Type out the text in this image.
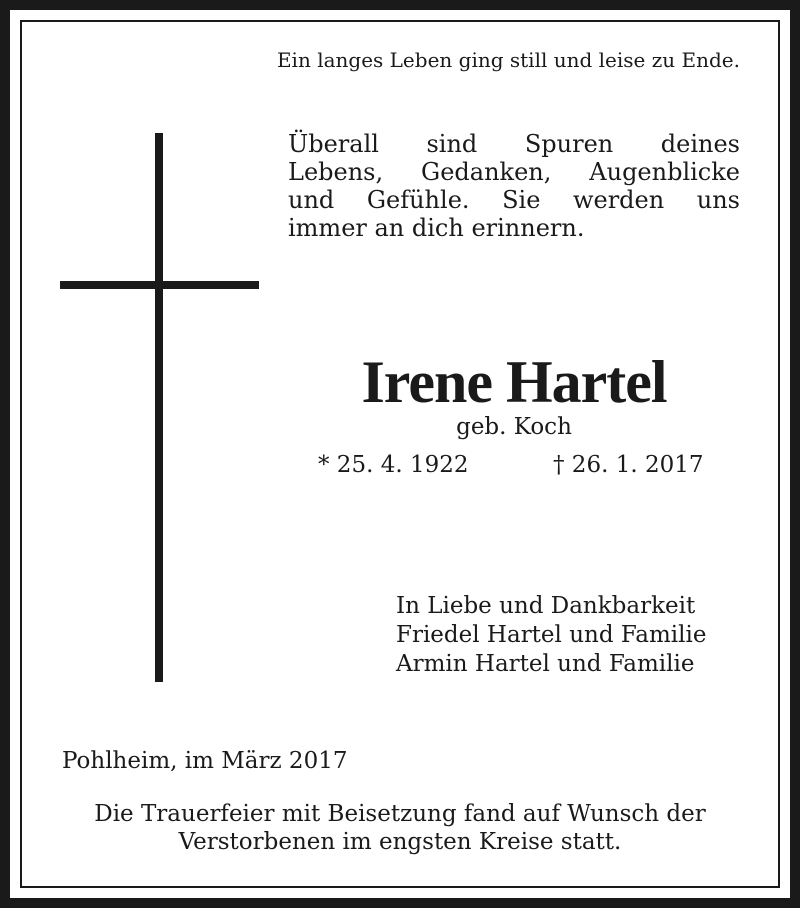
Ein langes Leben ging still und leise zu Ende.

Überall sind Spuren deines
Lebens, Gedanken, Augenblicke
und Gefühle. Sie werden uns
immer an dich erinnern.

Irene Hartel

geb. Koch

* 25. 4. 1922	† 26. 1. 2017

In Liebe und Dankbarkeit
Friedel Hartel und Familie
Armin Hartel und Familie

Pohlheim, im März 2017

Die Trauerfeier mit Beisetzung fand auf Wunsch der
Verstorbenen im engsten Kreise statt.
